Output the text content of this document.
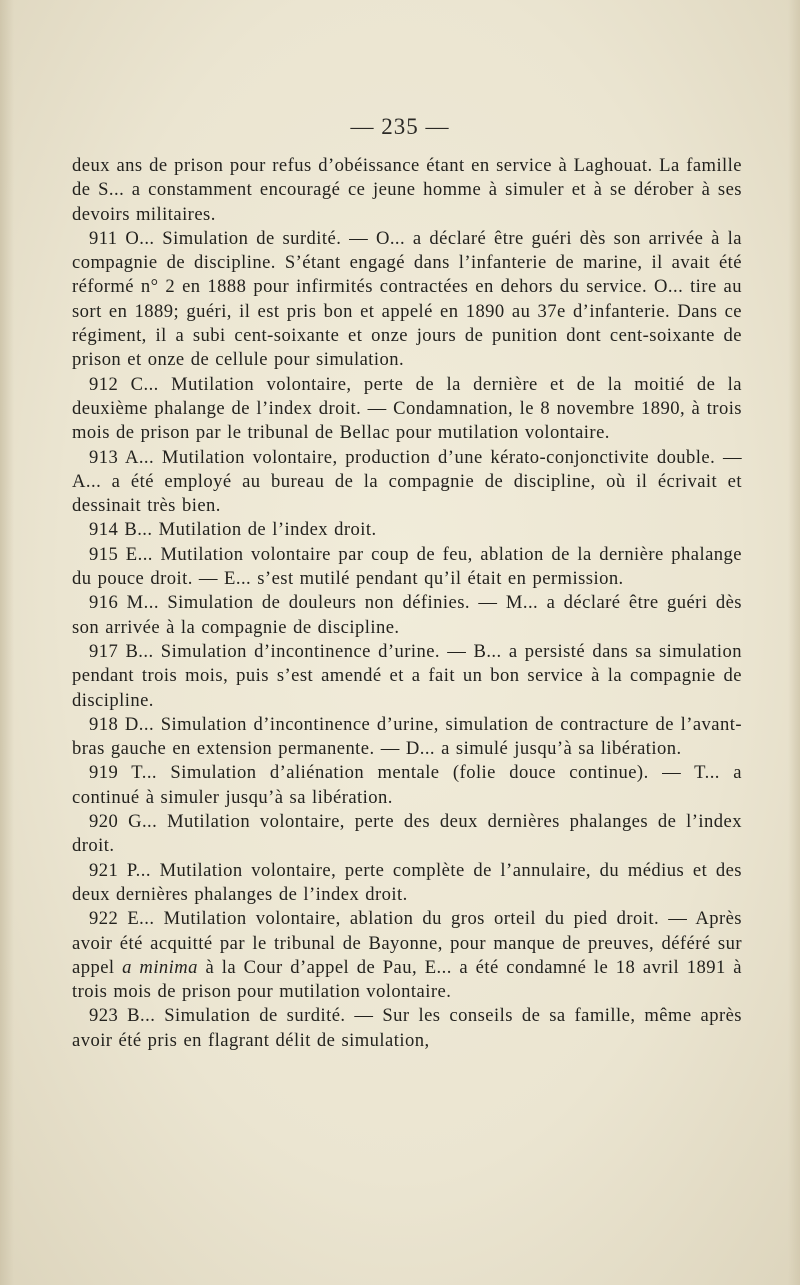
— 235 —

deux ans de prison pour refus d’obéissance étant en service à Laghouat. La famille de S... a constamment encouragé ce jeune homme à simuler et à se dérober à ses devoirs militaires.

911 O... Simulation de surdité. — O... a déclaré être guéri dès son arrivée à la compagnie de discipline. S’étant engagé dans l’infanterie de marine, il avait été réformé n° 2 en 1888 pour infirmités contractées en dehors du service. O... tire au sort en 1889; guéri, il est pris bon et appelé en 1890 au 37e d’infanterie. Dans ce régiment, il a subi cent-soixante et onze jours de punition dont cent-soixante de prison et onze de cellule pour simulation.

912 C... Mutilation volontaire, perte de la dernière et de la moitié de la deuxième phalange de l’index droit. — Condamnation, le 8 novembre 1890, à trois mois de prison par le tribunal de Bellac pour mutilation volontaire.

913 A... Mutilation volontaire, production d’une kérato-conjonctivite double. — A... a été employé au bureau de la compagnie de discipline, où il écrivait et dessinait très bien.

914 B... Mutilation de l’index droit.

915 E... Mutilation volontaire par coup de feu, ablation de la dernière phalange du pouce droit. — E... s’est mutilé pendant qu’il était en permission.

916 M... Simulation de douleurs non définies. — M... a déclaré être guéri dès son arrivée à la compagnie de discipline.

917 B... Simulation d’incontinence d’urine. — B... a persisté dans sa simulation pendant trois mois, puis s’est amendé et a fait un bon service à la compagnie de discipline.

918 D... Simulation d’incontinence d’urine, simulation de contracture de l’avant-bras gauche en extension permanente. — D... a simulé jusqu’à sa libération.

919 T... Simulation d’aliénation mentale (folie douce continue). — T... a continué à simuler jusqu’à sa libération.

920 G... Mutilation volontaire, perte des deux dernières phalanges de l’index droit.

921 P... Mutilation volontaire, perte complète de l’annulaire, du médius et des deux dernières phalanges de l’index droit.

922 E... Mutilation volontaire, ablation du gros orteil du pied droit. — Après avoir été acquitté par le tribunal de Bayonne, pour manque de preuves, déféré sur appel a minima à la Cour d’appel de Pau, E... a été condamné le 18 avril 1891 à trois mois de prison pour mutilation volontaire.

923 B... Simulation de surdité. — Sur les conseils de sa famille, même après avoir été pris en flagrant délit de simulation,
